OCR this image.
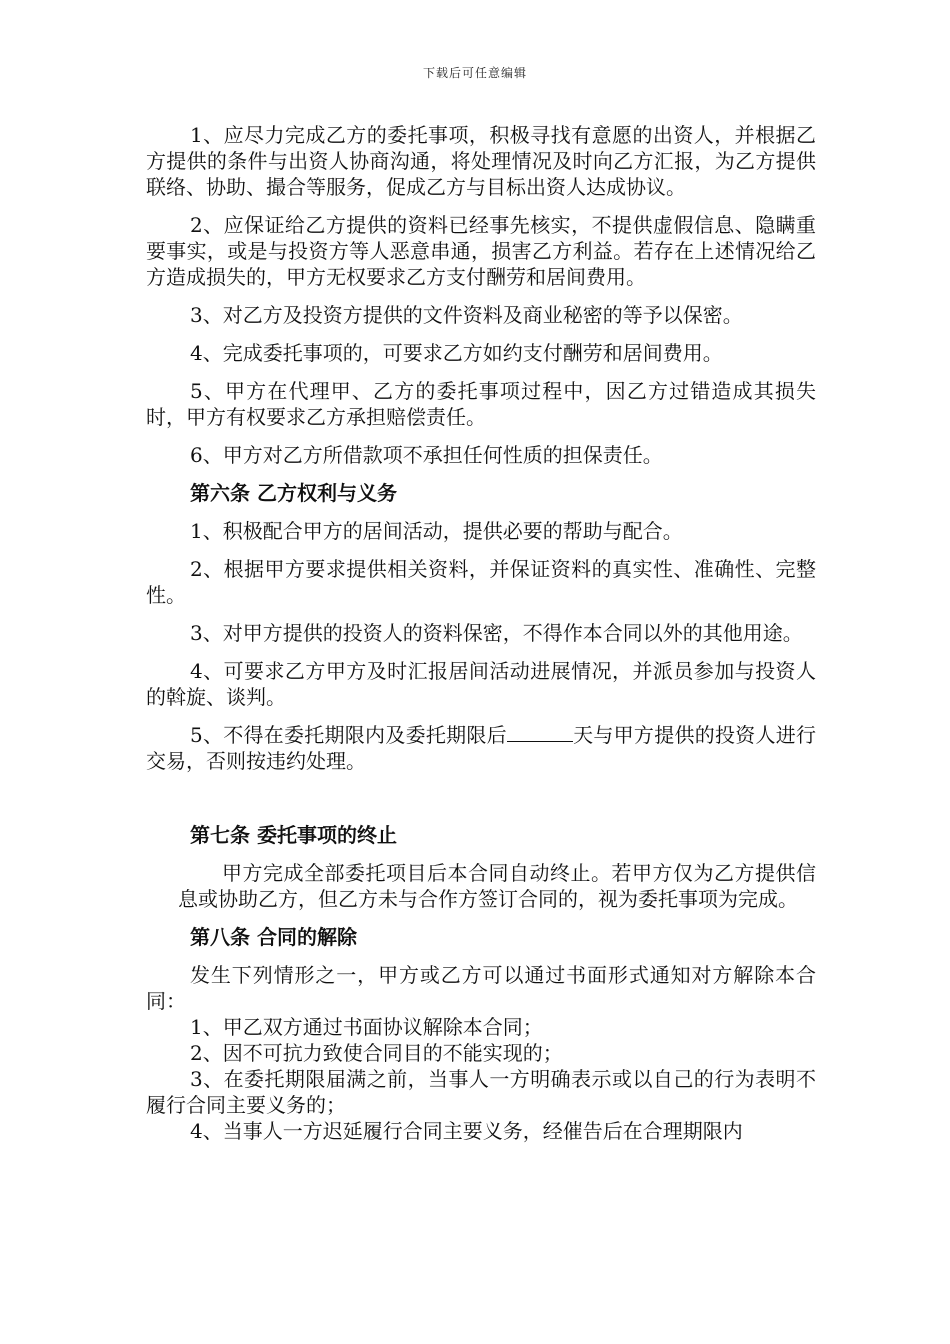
下载后可任意编辑

1、应尽力完成乙方的委托事项，积极寻找有意愿的出资人，并根据乙方提供的条件与出资人协商沟通，将处理情况及时向乙方汇报，为乙方提供联络、协助、撮合等服务，促成乙方与目标出资人达成协议。

2、应保证给乙方提供的资料已经事先核实，不提供虚假信息、隐瞒重要事实，或是与投资方等人恶意串通，损害乙方利益。若存在上述情况给乙方造成损失的，甲方无权要求乙方支付酬劳和居间费用。

3、对乙方及投资方提供的文件资料及商业秘密的等予以保密。

4、完成委托事项的，可要求乙方如约支付酬劳和居间费用。

5、甲方在代理甲、乙方的委托事项过程中，因乙方过错造成其损失时，甲方有权要求乙方承担赔偿责任。

6、甲方对乙方所借款项不承担任何性质的担保责任。

第六条 乙方权利与义务

1、积极配合甲方的居间活动，提供必要的帮助与配合。

2、根据甲方要求提供相关资料，并保证资料的真实性、准确性、完整性。

3、对甲方提供的投资人的资料保密，不得作本合同以外的其他用途。

4、可要求乙方甲方及时汇报居间活动进展情况，并派员参加与投资人的斡旋、谈判。

5、不得在委托期限内及委托期限后	天与甲方提供的投资人进行交易，否则按违约处理。

第七条 委托事项的终止

甲方完成全部委托项目后本合同自动终止。若甲方仅为乙方提供信息或协助乙方，但乙方未与合作方签订合同的，视为委托事项为完成。

第八条 合同的解除

发生下列情形之一，甲方或乙方可以通过书面形式通知对方解除本合同：

1、甲乙双方通过书面协议解除本合同；

2、因不可抗力致使合同目的不能实现的；

3、在委托期限届满之前，当事人一方明确表示或以自己的行为表明不履行合同主要义务的；

4、当事人一方迟延履行合同主要义务，经催告后在合理期限内
